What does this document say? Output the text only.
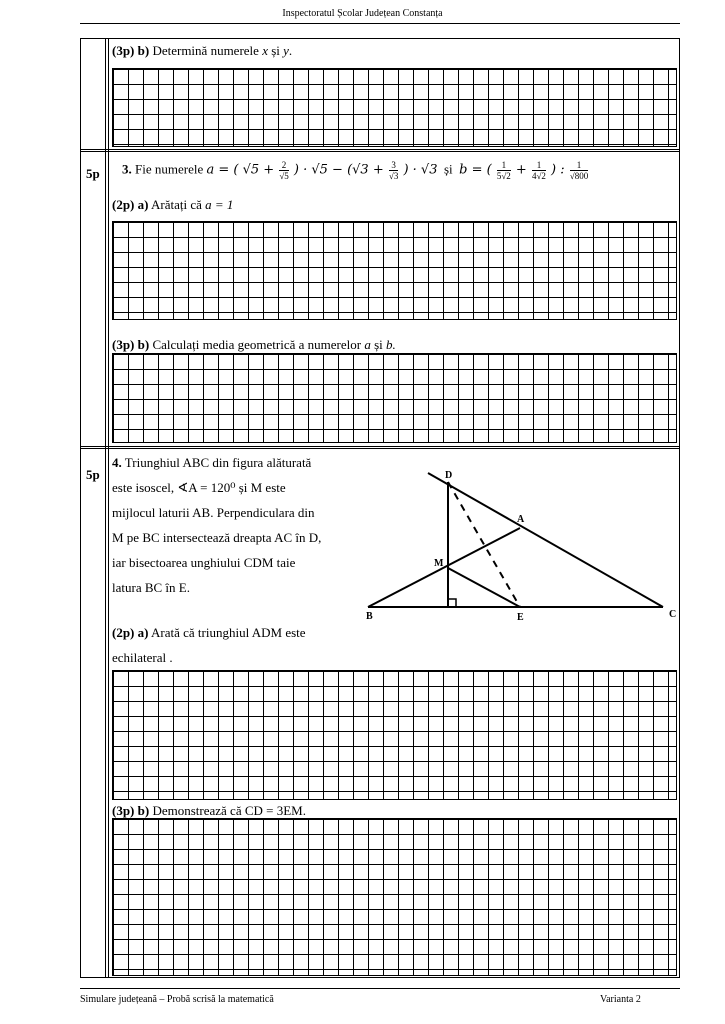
Inspectoratul Școlar Județean Constanța
Simulare județeană – Probă scrisă la matematică	Varianta 2
(3p) b) Determină numerele x și y.
5p 3. Fie numerele a = ( $√5 + \frac{2}{√5}$ ) · $√5 - (√3 + \frac{3}{√3}$ ) · √3 și b = ( $\frac{1}{5√2} + \frac{1}{4√2}$ ) : $\frac{1}{√800}$
(2p) a) Arătați că a = 1
(3p) b) Calculați media geometrică a numerelor a și b.
5p
4. Triunghiul ABC din figura alăturată
este isoscel, ∢A = 120⁰ și M este
mijlocul laturii AB. Perpendiculara din
M pe BC intersectează dreapta AC în D,
iar bisectoarea unghiului CDM taie
latura BC în E.
D
A
M
B	E	C
(2p) a) Arată că triunghiul ADM este
echilateral .
(3p) b) Demonstrează că CD = 3EM.
